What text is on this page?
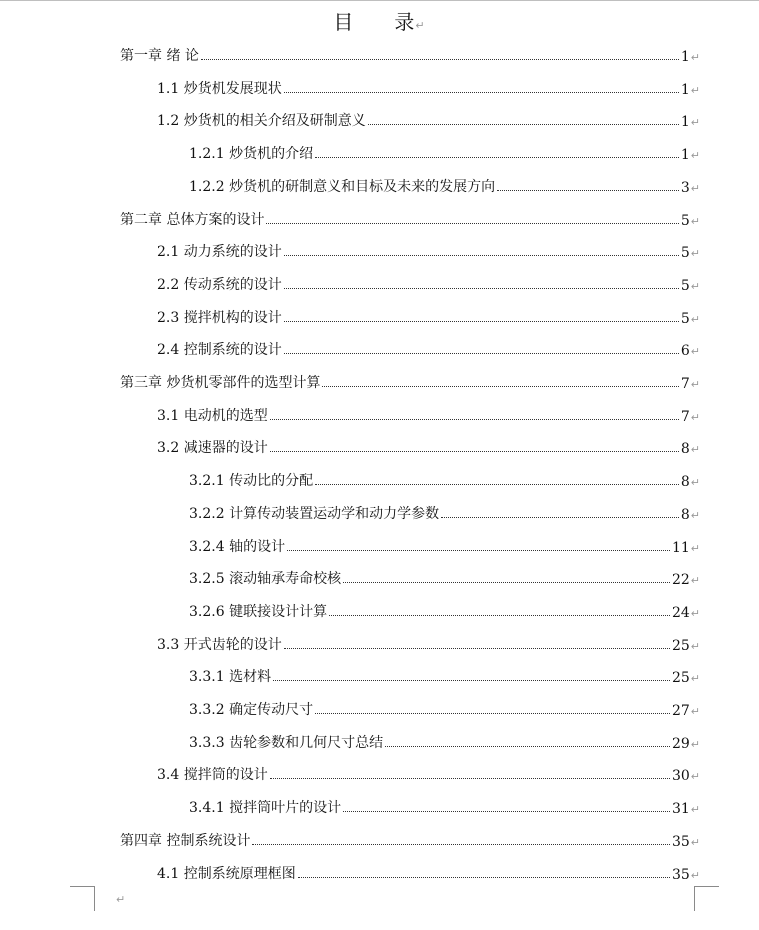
目 录↵
第一章 绪 论	1↵
1.1 炒货机发展现状	1↵
1.2 炒货机的相关介绍及研制意义	1↵
1.2.1 炒货机的介绍	1↵
1.2.2 炒货机的研制意义和目标及未来的发展方向	3↵
第二章 总体方案的设计	5↵
2.1 动力系统的设计	5↵
2.2 传动系统的设计	5↵
2.3 搅拌机构的设计	5↵
2.4 控制系统的设计	6↵
第三章 炒货机零部件的选型计算	7↵
3.1 电动机的选型	7↵
3.2 减速器的设计	8↵
3.2.1 传动比的分配	8↵
3.2.2 计算传动装置运动学和动力学参数	8↵
3.2.4 轴的设计	11↵
3.2.5 滚动轴承寿命校核	22↵
3.2.6 键联接设计计算	24↵
3.3 开式齿轮的设计	25↵
3.3.1 选材料	25↵
3.3.2 确定传动尺寸	27↵
3.3.3 齿轮参数和几何尺寸总结	29↵
3.4 搅拌筒的设计	30↵
3.4.1 搅拌筒叶片的设计	31↵
第四章 控制系统设计	35↵
4.1 控制系统原理框图	35↵
↵
